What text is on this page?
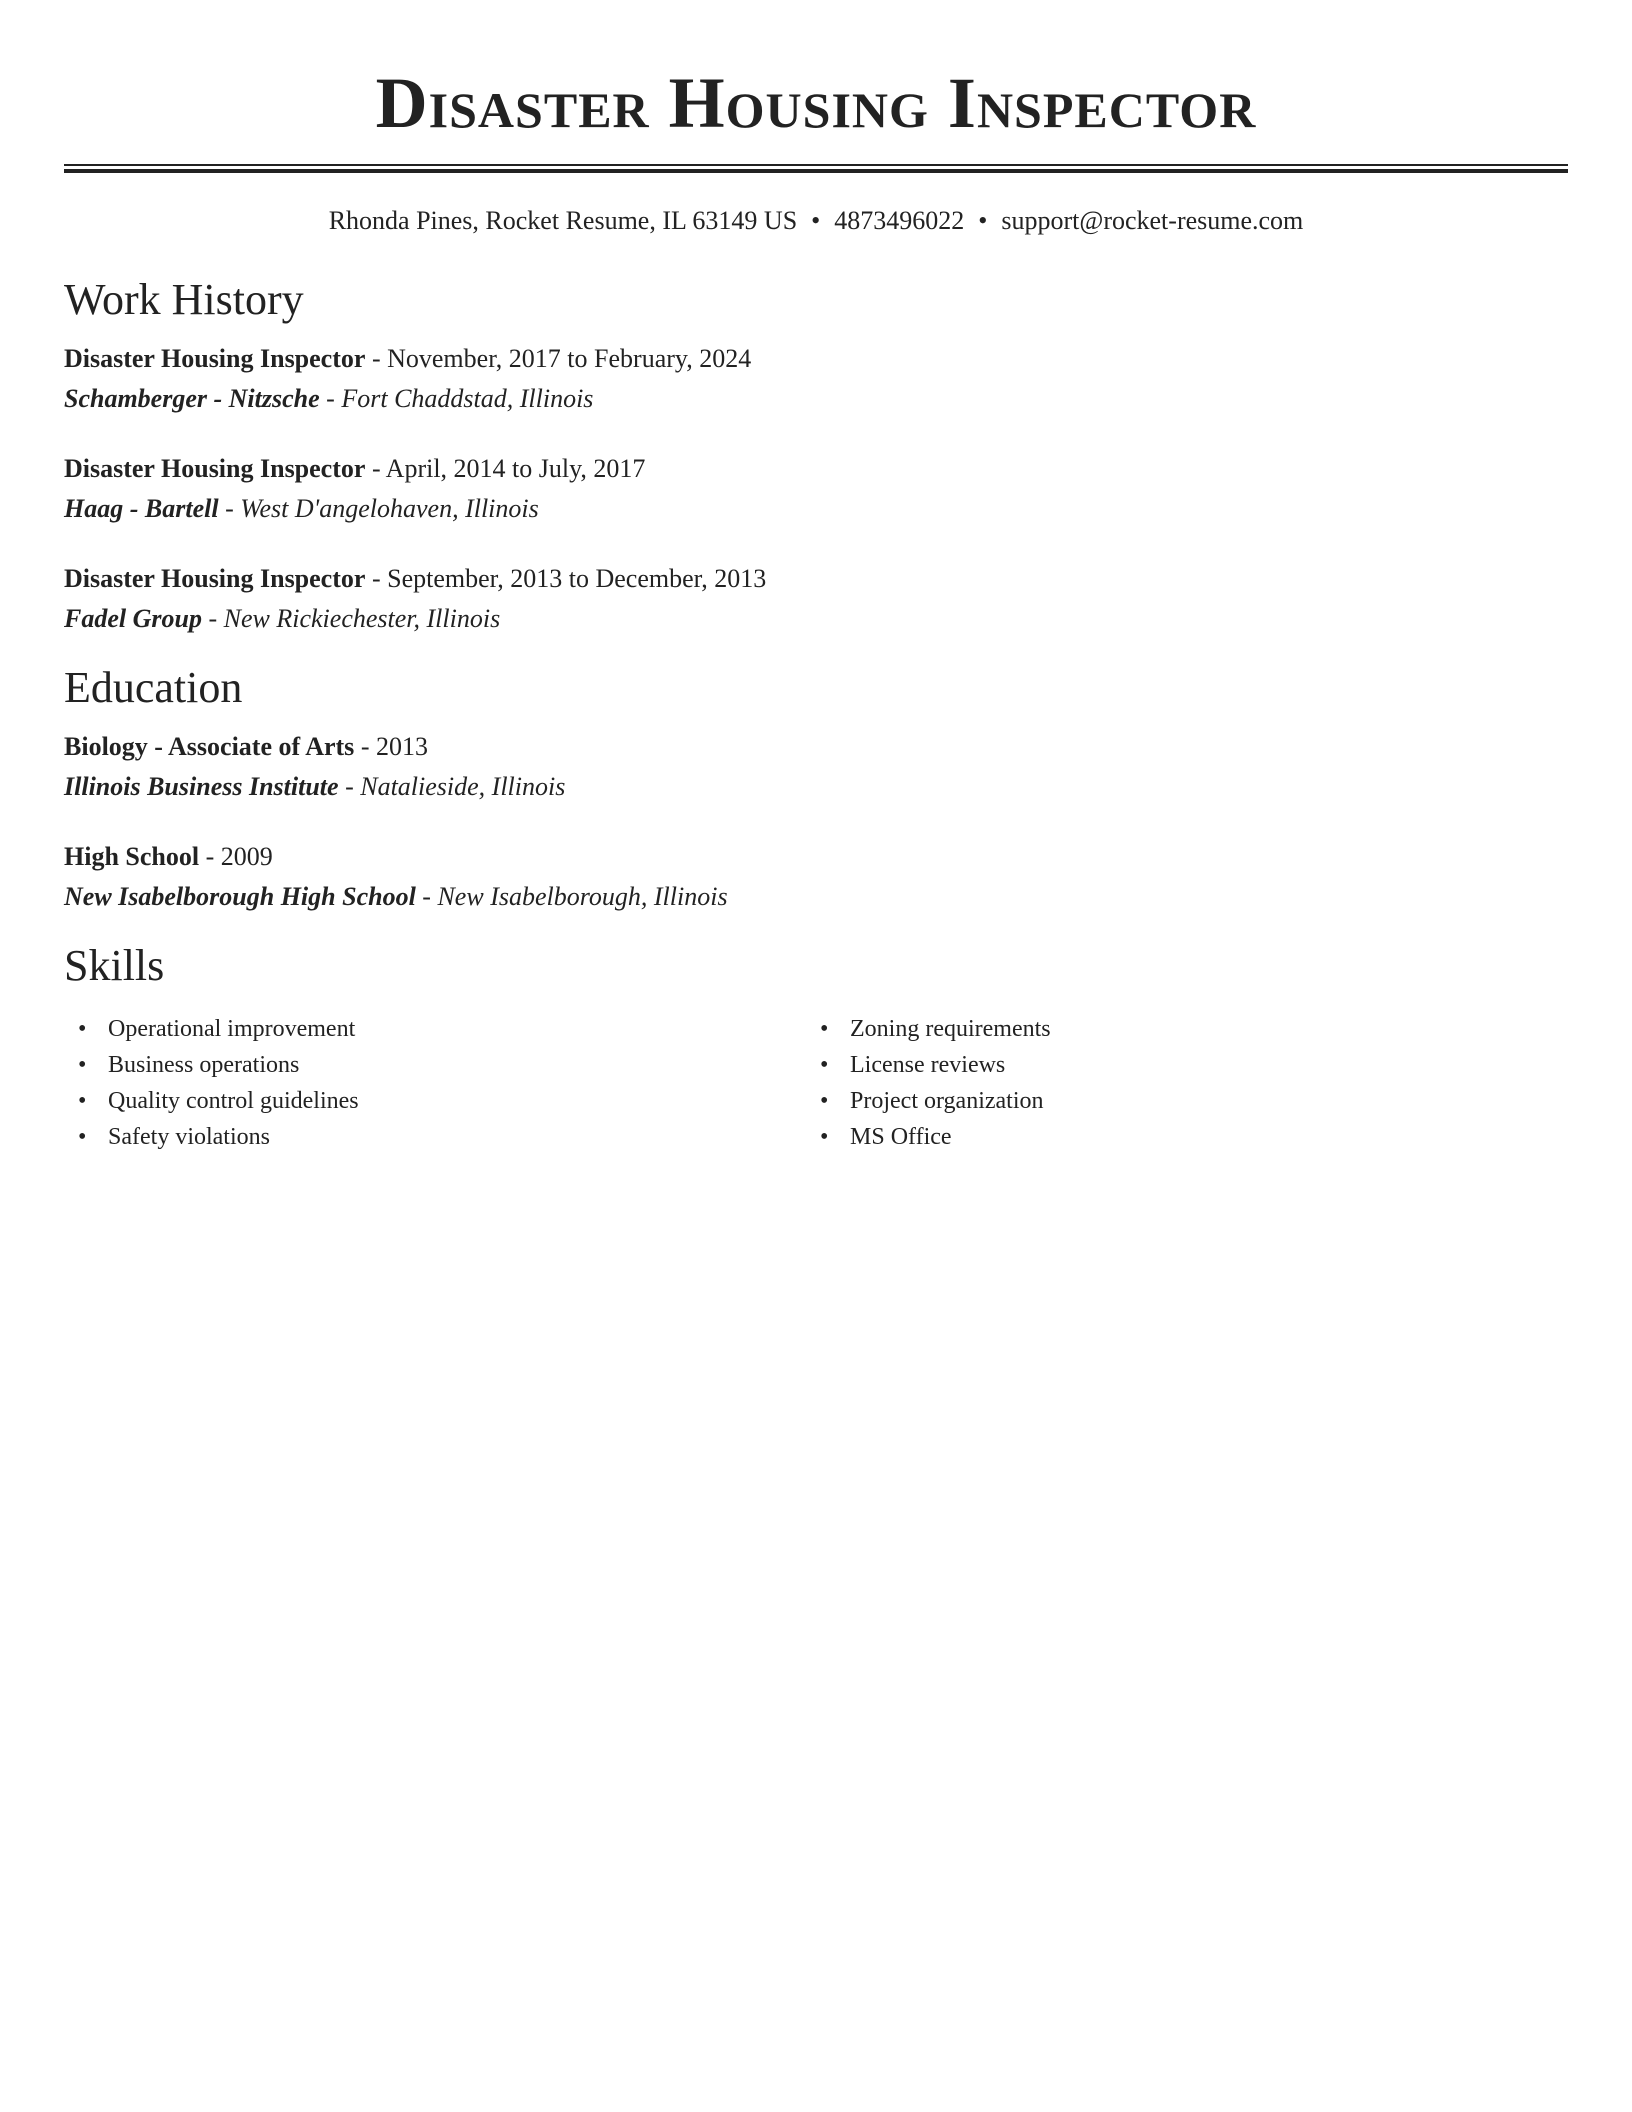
Disaster Housing Inspector
Rhonda Pines, Rocket Resume, IL 63149 US • 4873496022 • support@rocket-resume.com
Work History
Disaster Housing Inspector - November, 2017 to February, 2024
Schamberger - Nitzsche - Fort Chaddstad, Illinois
Disaster Housing Inspector - April, 2014 to July, 2017
Haag - Bartell - West D'angelohaven, Illinois
Disaster Housing Inspector - September, 2013 to December, 2013
Fadel Group - New Rickiechester, Illinois
Education
Biology - Associate of Arts - 2013
Illinois Business Institute - Natalieside, Illinois
High School - 2009
New Isabelborough High School - New Isabelborough, Illinois
Skills
• Operational improvement
• Business operations
• Quality control guidelines
• Safety violations
• Zoning requirements
• License reviews
• Project organization
• MS Office
